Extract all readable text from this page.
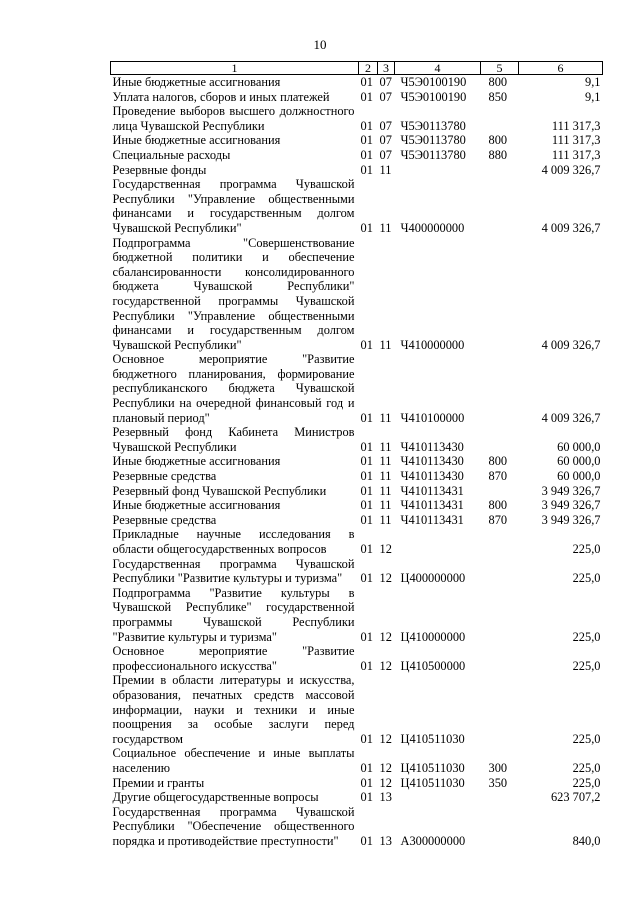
10
1	2	3	4	5	6
Иные бюджетные ассигнования	01	07	Ч5Э0100190	800	9,1
Уплата налогов, сборов и иных платежей	01	07	Ч5Э0100190	850	9,1
Проведение выборов высшего должностного лица Чувашской Республики	01	07	Ч5Э0113780		111 317,3
Иные бюджетные ассигнования	01	07	Ч5Э0113780	800	111 317,3
Специальные расходы	01	07	Ч5Э0113780	880	111 317,3
Резервные фонды	01	11			4 009 326,7
Государственная программа Чувашской Республики "Управление общественными финансами и государственным долгом Чувашской Республики"	01	11	Ч400000000		4 009 326,7
Подпрограмма "Совершенствование бюджетной политики и обеспечение сбалансированности консолидированного бюджета Чувашской Республики" государственной программы Чувашской Республики "Управление общественными финансами и государственным долгом Чувашской Республики"	01	11	Ч410000000		4 009 326,7
Основное мероприятие "Развитие бюджетного планирования, формирование республиканского бюджета Чувашской Республики на очередной финансовый год и плановый период"	01	11	Ч410100000		4 009 326,7
Резервный фонд Кабинета Министров Чувашской Республики	01	11	Ч410113430		60 000,0
Иные бюджетные ассигнования	01	11	Ч410113430	800	60 000,0
Резервные средства	01	11	Ч410113430	870	60 000,0
Резервный фонд Чувашской Республики	01	11	Ч410113431		3 949 326,7
Иные бюджетные ассигнования	01	11	Ч410113431	800	3 949 326,7
Резервные средства	01	11	Ч410113431	870	3 949 326,7
Прикладные научные исследования в области общегосударственных вопросов	01	12			225,0
Государственная программа Чувашской Республики "Развитие культуры и туризма"	01	12	Ц400000000		225,0
Подпрограмма "Развитие культуры в Чувашской Республике" государственной программы Чувашской Республики "Развитие культуры и туризма"	01	12	Ц410000000		225,0
Основное мероприятие "Развитие профессионального искусства"	01	12	Ц410500000		225,0
Премии в области литературы и искусства, образования, печатных средств массовой информации, науки и техники и иные поощрения за особые заслуги перед государством	01	12	Ц410511030		225,0
Социальное обеспечение и иные выплаты населению	01	12	Ц410511030	300	225,0
Премии и гранты	01	12	Ц410511030	350	225,0
Другие общегосударственные вопросы	01	13			623 707,2
Государственная программа Чувашской Республики "Обеспечение общественного порядка и противодействие преступности"	01	13	А300000000		840,0
